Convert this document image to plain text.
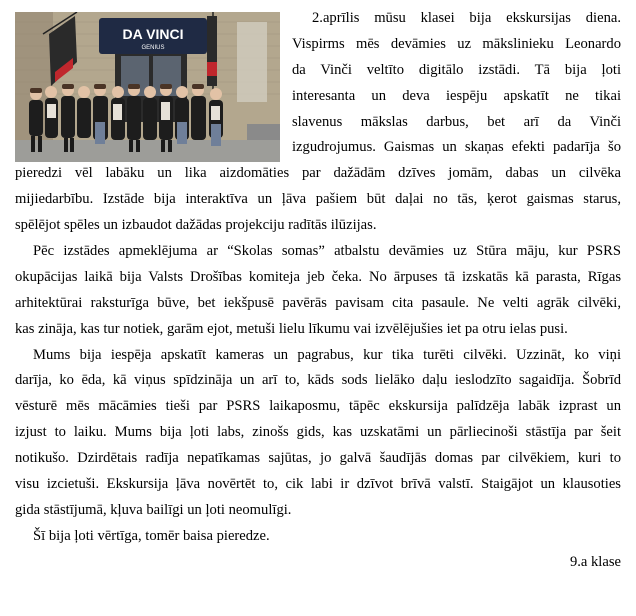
DA VINCI
GENIUS
2.aprīlis mūsu klasei bija ekskursijas diena.
Vispirms mēs devāmies uz mākslinieku Leonardo
da Vinči veltīto digitālo izstādi. Tā bija ļoti
interesanta un deva iespēju apskatīt ne tikai
slavenus mākslas darbus, bet arī da Vinči
izgudrojumus. Gaismas un skaņas efekti padarīja šo
pieredzi vēl labāku un lika aizdomāties par dažādām dzīves jomām, dabas un cilvēka
mijiedarbību. Izstāde bija interaktīva un ļāva pašiem būt daļai no tās, ķerot gaismas starus,
spēlējot spēles un izbaudot dažādas projekciju radītās ilūzijas.
Pēc izstādes apmeklējuma ar “Skolas somas” atbalstu devāmies uz Stūra māju, kur PSRS
okupācijas laikā bija Valsts Drošības komiteja jeb čeka. No ārpuses tā izskatās kā parasta, Rīgas
arhitektūrai raksturīga būve, bet iekšpusē pavērās pavisam cita pasaule. Ne velti agrāk cilvēki,
kas zināja, kas tur notiek, garām ejot, metuši lielu līkumu vai izvēlējušies iet pa otru ielas pusi.
Mums bija iespēja apskatīt kameras un pagrabus, kur tika turēti cilvēki. Uzzināt, ko viņi
darīja, ko ēda, kā viņus spīdzināja un arī to, kāds sods lielāko daļu ieslodzīto sagaidīja. Šobrīd
vēsturē mēs mācāmies tieši par PSRS laikaposmu, tāpēc ekskursija palīdzēja labāk izprast un
izjust to laiku. Mums bija ļoti labs, zinošs gids, kas uzskatāmi un pārliecinoši stāstīja par šeit
notikušo. Dzirdētais radīja nepatīkamas sajūtas, jo galvā šaudījās domas par cilvēkiem, kuri to
visu izcietuši. Ekskursija ļāva novērtēt to, cik labi ir dzīvot brīvā valstī. Staigājot un klausoties
gida stāstījumā, kļuva bailīgi un ļoti neomulīgi.
Šī bija ļoti vērtīga, tomēr baisa pieredze.
9.a klase
